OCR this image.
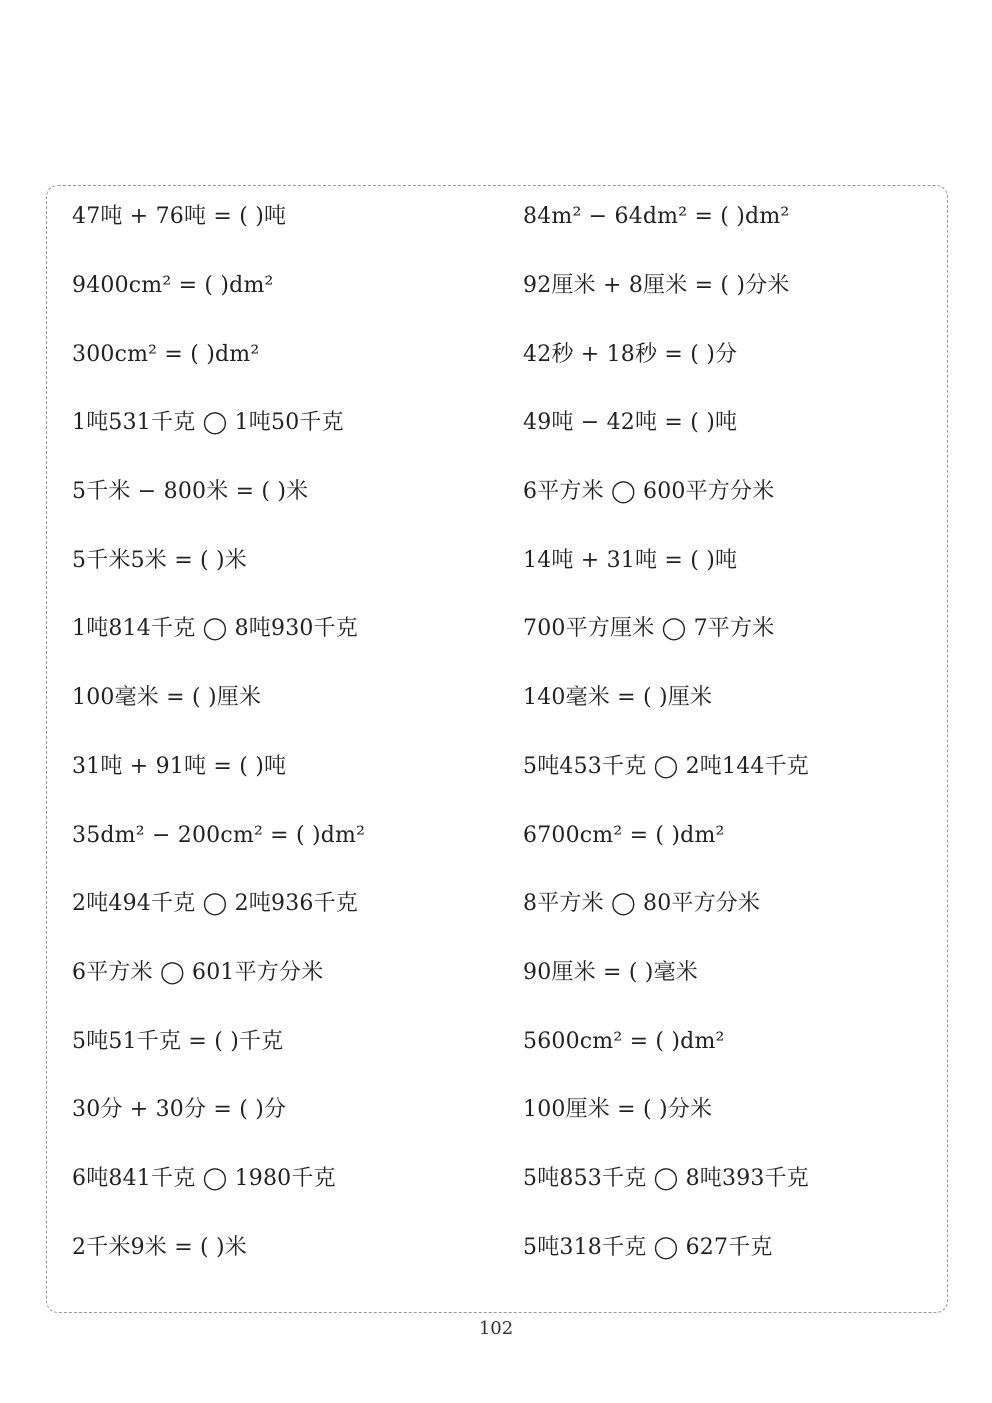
47吨 + 76吨 = ( )吨
9400cm² = ( )dm²
300cm² = ( )dm²
1吨531千克 ◯ 1吨50千克
5千米 − 800米 = ( )米
5千米5米 = ( )米
1吨814千克 ◯ 8吨930千克
100毫米 = ( )厘米
31吨 + 91吨 = ( )吨
35dm² − 200cm² = ( )dm²
2吨494千克 ◯ 2吨936千克
6平方米 ◯ 601平方分米
5吨51千克 = ( )千克
30分 + 30分 = ( )分
6吨841千克 ◯ 1980千克
2千米9米 = ( )米
84m² − 64dm² = ( )dm²
92厘米 + 8厘米 = ( )分米
42秒 + 18秒 = ( )分
49吨 − 42吨 = ( )吨
6平方米 ◯ 600平方分米
14吨 + 31吨 = ( )吨
700平方厘米 ◯ 7平方米
140毫米 = ( )厘米
5吨453千克 ◯ 2吨144千克
6700cm² = ( )dm²
8平方米 ◯ 80平方分米
90厘米 = ( )毫米
5600cm² = ( )dm²
100厘米 = ( )分米
5吨853千克 ◯ 8吨393千克
5吨318千克 ◯ 627千克
102
